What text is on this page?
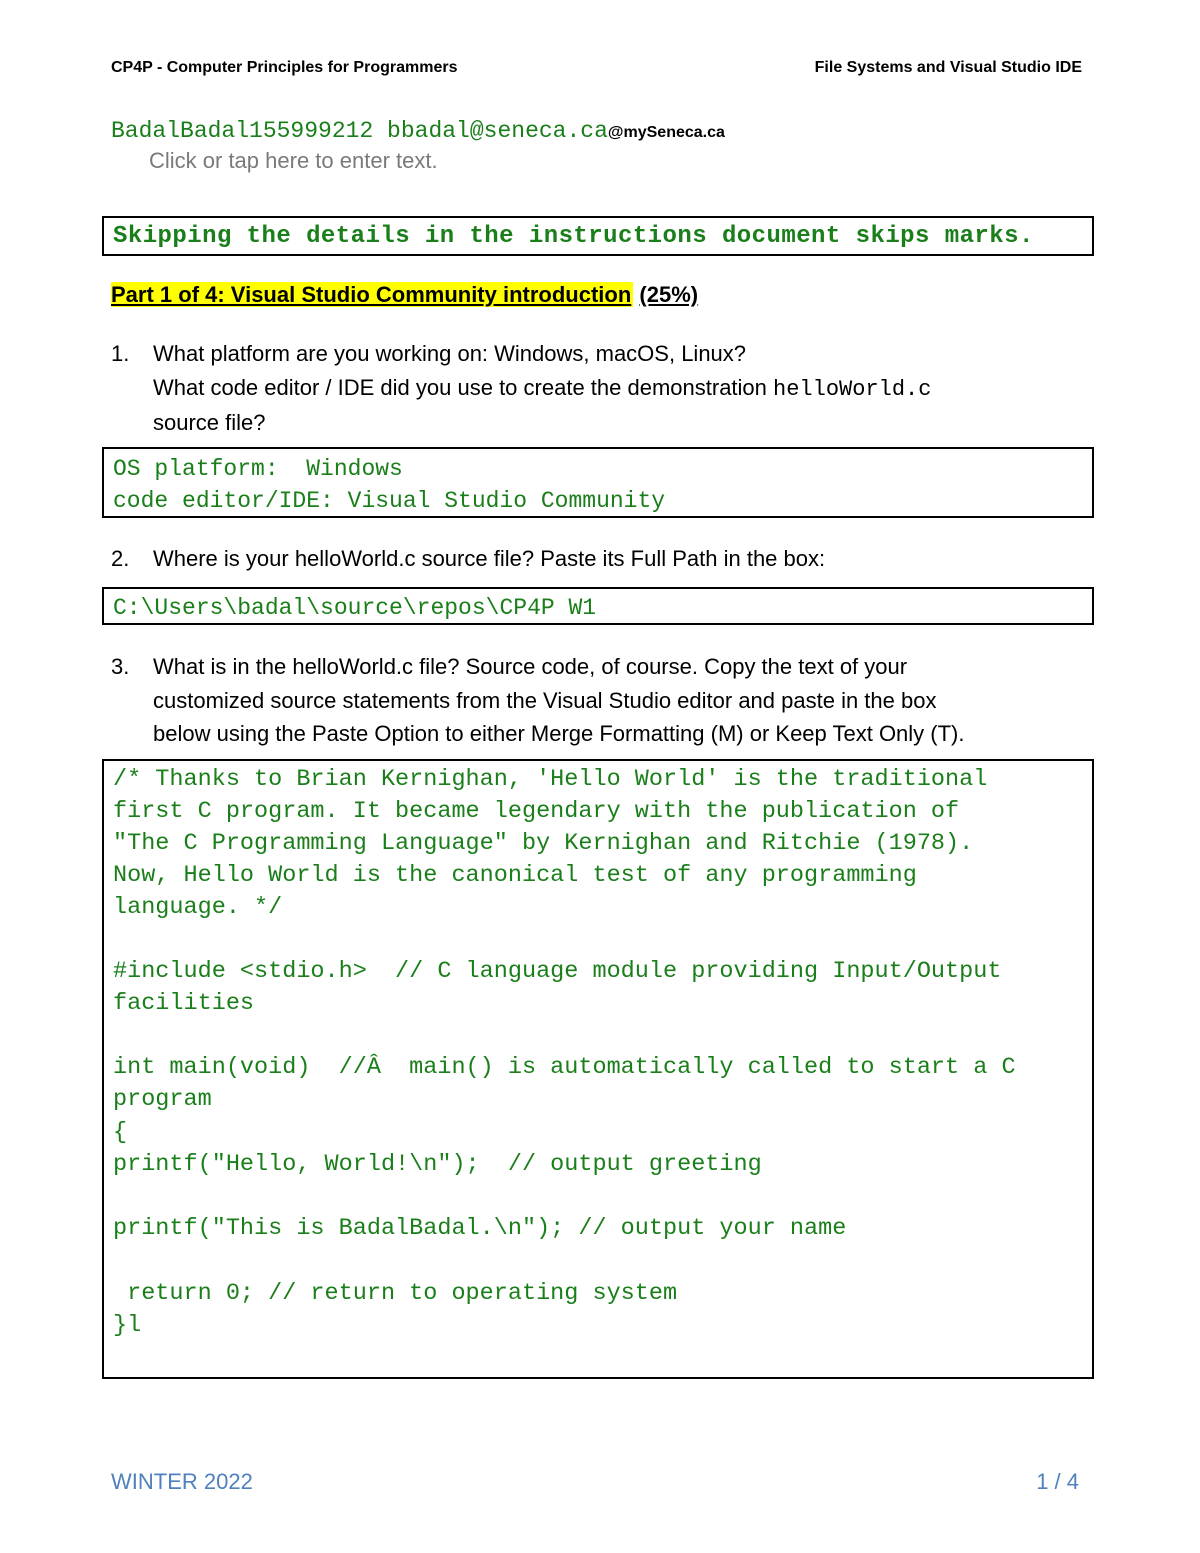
CP4P - Computer Principles for Programmers	File Systems and Visual Studio IDE
BadalBadal155999212 bbadal@seneca.ca@mySeneca.ca
Click or tap here to enter text.
Skipping the details in the instructions document skips marks.
Part 1 of 4: Visual Studio Community introduction (25%)
1.	What platform are you working on: Windows, macOS, Linux?
What code editor / IDE did you use to create the demonstration helloWorld.c
source file?
OS platform:  Windows
code editor/IDE: Visual Studio Community
2.	Where is your helloWorld.c source file? Paste its Full Path in the box:
C:\Users\badal\source\repos\CP4P W1
3.	What is in the helloWorld.c file? Source code, of course. Copy the text of your
customized source statements from the Visual Studio editor and paste in the box
below using the Paste Option to either Merge Formatting (M) or Keep Text Only (T).
/* Thanks to Brian Kernighan, 'Hello World' is the traditional
first C program. It became legendary with the publication of
"The C Programming Language" by Kernighan and Ritchie (1978).
Now, Hello World is the canonical test of any programming
language. */
#include <stdio.h>  // C language module providing Input/Output
facilities
int main(void)  //Â  main() is automatically called to start a C
program
{
printf("Hello, World!\n");  // output greeting
printf("This is BadalBadal.\n"); // output your name
return 0; // return to operating system
}l
WINTER 2022	1 / 4
